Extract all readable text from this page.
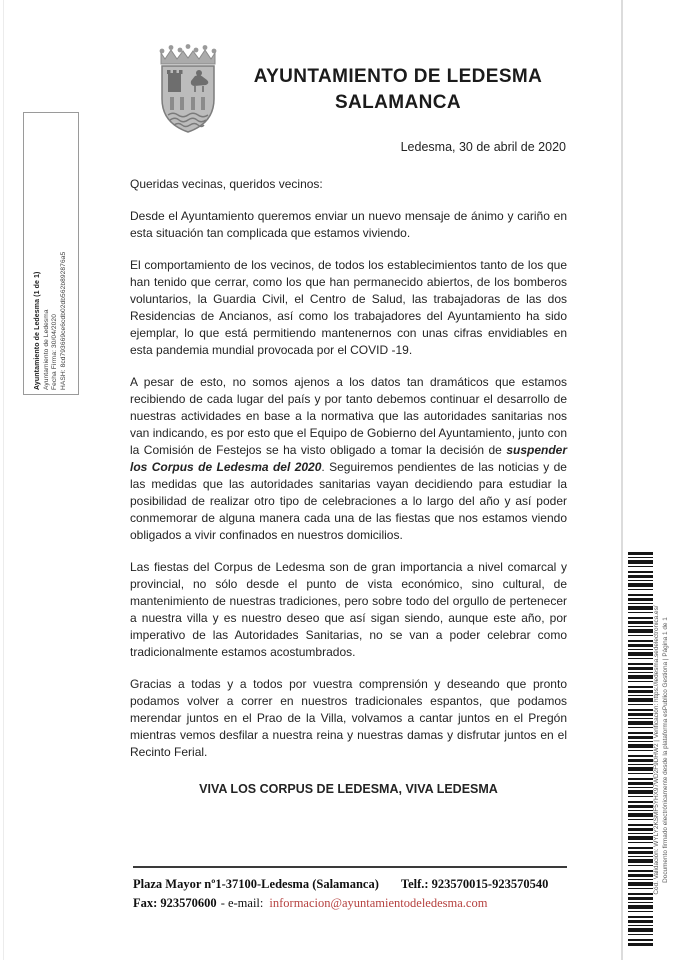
Ayuntamiento de Ledesma (1 de 1) Ayuntamiento de Ledesma Fecha Firma: 30/04/2020 HASH: 8cd793669ce6cdb02db562b892876a5
AYUNTAMIENTO DE LEDESMA
SALAMANCA
Ledesma, 30 de abril de 2020

Queridas vecinas, queridos vecinos:

Desde el Ayuntamiento queremos enviar un nuevo mensaje de ánimo y cariño en esta situación tan complicada que estamos viviendo.

El comportamiento de los vecinos, de todos los establecimientos tanto de los que han tenido que cerrar, como los que han permanecido abiertos, de los bomberos voluntarios, la Guardia Civil, el Centro de Salud, las trabajadoras de las dos Residencias de Ancianos, así como los trabajadores del Ayuntamiento ha sido ejemplar, lo que está permitiendo mantenernos con unas cifras envidiables en esta pandemia mundial provocada por el COVID -19.

A pesar de esto, no somos ajenos a los datos tan dramáticos que estamos recibiendo de cada lugar del país y por tanto debemos continuar el desarrollo de nuestras actividades en base a la normativa que las autoridades sanitarias nos van indicando, es por esto que el Equipo de Gobierno del Ayuntamiento, junto con la Comisión de Festejos se ha visto obligado a tomar la decisión de suspender los Corpus de Ledesma del 2020. Seguiremos pendientes de las noticias y de las medidas que las autoridades sanitarias vayan decidiendo para estudiar la posibilidad de realizar otro tipo de celebraciones a lo largo del año y así poder conmemorar de alguna manera cada una de las fiestas que nos estamos viendo obligados a vivir confinados en nuestros domicilios.

Las fiestas del Corpus de Ledesma son de gran importancia a nivel comarcal y provincial, no sólo desde el punto de vista económico, sino cultural, de mantenimiento de nuestras tradiciones, pero sobre todo del orgullo de pertenecer a nuestra villa y es nuestro deseo que así sigan siendo, aunque este año, por imperativo de las Autoridades Sanitarias, no se van a poder celebrar como tradicionalmente estamos acostumbrados.

Gracias a todas y a todos por vuestra comprensión y deseando que pronto podamos volver a correr en nuestros tradicionales espantos, que podamos merendar juntos en el Prao de la Villa, volvamos a cantar juntos en el Pregón mientras vemos desfilar a nuestra reina y nuestras damas y disfrutar juntos en el Recinto Ferial.

VIVA LOS CORPUS DE LEDESMA, VIVA LEDESMA

Plaza Mayor nº1-37100-Ledesma (Salamanca) Telf.: 923570015-923570540
Fax: 923570600 - e-mail: informacion@ayuntamientodeledesma.com
Cód. Validación: WYLY2KSMF5YHX97WD2F9DHW2 | Verificación: https://ledesma.sedelectronica.es/ Documento firmado electrónicamente desde la plataforma esPublico Gestiona | Página 1 de 1
